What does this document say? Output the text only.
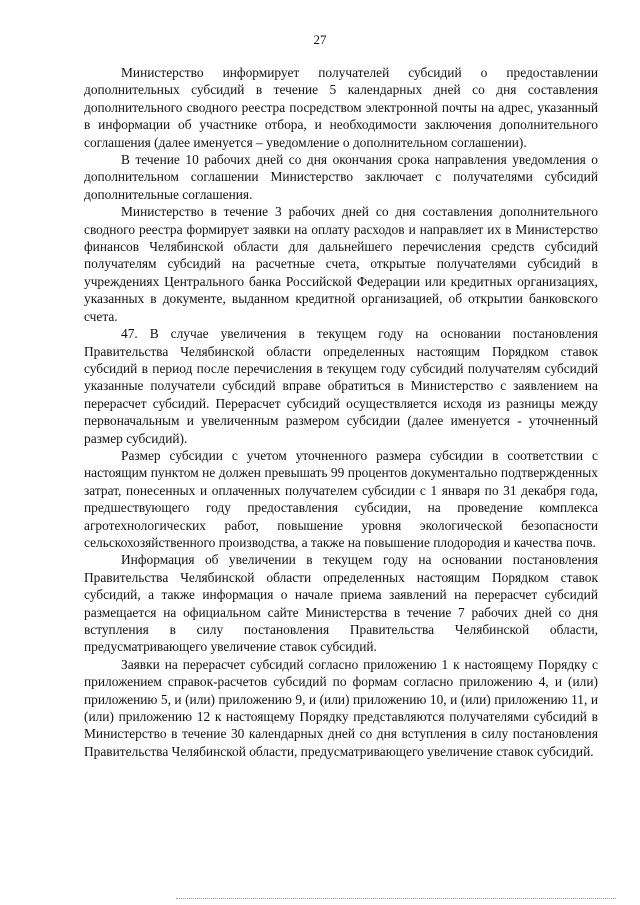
27

Министерство информирует получателей субсидий о предоставлении дополнительных субсидий в течение 5 календарных дней со дня составления дополнительного сводного реестра посредством электронной почты на адрес, указанный в информации об участнике отбора, и необходимости заключения дополнительного соглашения (далее именуется – уведомление о дополнительном соглашении).

В течение 10 рабочих дней со дня окончания срока направления уведомления о дополнительном соглашении Министерство заключает с получателями субсидий дополнительные соглашения.

Министерство в течение 3 рабочих дней со дня составления дополнительного сводного реестра формирует заявки на оплату расходов и направляет их в Министерство финансов Челябинской области для дальнейшего перечисления средств субсидий получателям субсидий на расчетные счета, открытые получателями субсидий в учреждениях Центрального банка Российской Федерации или кредитных организациях, указанных в документе, выданном кредитной организацией, об открытии банковского счета.

47. В случае увеличения в текущем году на основании постановления Правительства Челябинской области определенных настоящим Порядком ставок субсидий в период после перечисления в текущем году субсидий получателям субсидий указанные получатели субсидий вправе обратиться в Министерство с заявлением на перерасчет субсидий. Перерасчет субсидий осуществляется исходя из разницы между первоначальным и увеличенным размером субсидии (далее именуется - уточненный размер субсидий).

Размер субсидии с учетом уточненного размера субсидии в соответствии с настоящим пунктом не должен превышать 99 процентов документально подтвержденных затрат, понесенных и оплаченных получателем субсидии с 1 января по 31 декабря года, предшествующего году предоставления субсидии, на проведение комплекса агротехнологических работ, повышение уровня экологической безопасности сельскохозяйственного производства, а также на повышение плодородия и качества почв.

Информация об увеличении в текущем году на основании постановления Правительства Челябинской области определенных настоящим Порядком ставок субсидий, а также информация о начале приема заявлений на перерасчет субсидий размещается на официальном сайте Министерства в течение 7 рабочих дней со дня вступления в силу постановления Правительства Челябинской области, предусматривающего увеличение ставок субсидий.

Заявки на перерасчет субсидий согласно приложению 1 к настоящему Порядку с приложением справок-расчетов субсидий по формам согласно приложению 4, и (или) приложению 5, и (или) приложению 9, и (или) приложению 10, и (или) приложению 11, и (или) приложению 12 к настоящему Порядку представляются получателями субсидий в Министерство в течение 30 календарных дней со дня вступления в силу постановления Правительства Челябинской области, предусматривающего увеличение ставок субсидий.
